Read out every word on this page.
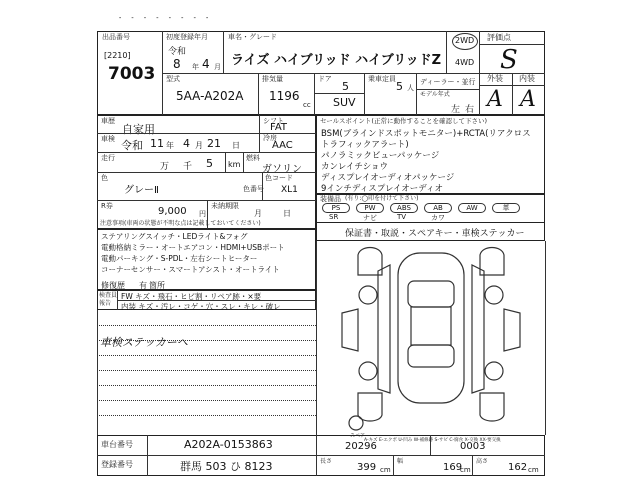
- - - - - - - -
出品番号
[2210]
7003
初度登録年月
令和
8 年 4 月
車名・グレード
ライズ ハイブリッド ハイブリッドZ
2WD
4WD
評価点
S
型式
5AA-A202A
排気量
1196
cc
ドア
5
SUV
乗車定員
5 人
ディーラー・並行
モデル年式
左 右
外装 内装
A A
車歴
自家用
車検 令和 11 年 4 月 21 日
走行
万 千 5 km
燃料
ガソリン
色
グレーⅡ	色番号
色コード
XL1
R券	9,000 円
未納期限
月	日
シフト
FAT
冷房
AAC
セールスポイント(正常に動作することを確認して下さい)
BSM(ブラインドスポットモニター)+RCTA(リアクロス
トラフィックアラート)
パノラミックビューパッケージ
カンレイチショウ
ディスプレイオーディオパッケージ
9インチディスプレイオーディオ
装備品 (有り:◯印を付けて下さい)
PS	PW	ABS	AB	AW	革
SR	ナビ	TV	カワ
保証書・取説・スペアキー・車検ステッカー
注意事項(車両の状態が不明な点は記載しておいてください)
ステアリングスイッチ・LEDライト&フォグ
電動格納ミラー・オートエアコン・HDMI+USBポート
電動パーキング・S-PDL・左右シートヒーター
コーナーセンサー・スマートアシスト・オートライト
修復歴 有 箇所
検査員
報告
FW キズ・飛石・ヒビ割・リペア跡・×要
内装 キズ・汚レ・コゲ・穴・スレ・キレ・破レ
車検ステッカーへ
スペア
A-キズ E-エクボ U-凹み W-補修跡 S-サビ C-腐食 X-交換 XX-要交換
車台番号	A202A-0153863
登録番号	群馬 503 ひ 8123
20296	0003
長さ
399 cm
幅
169
cm
高さ
162 cm
